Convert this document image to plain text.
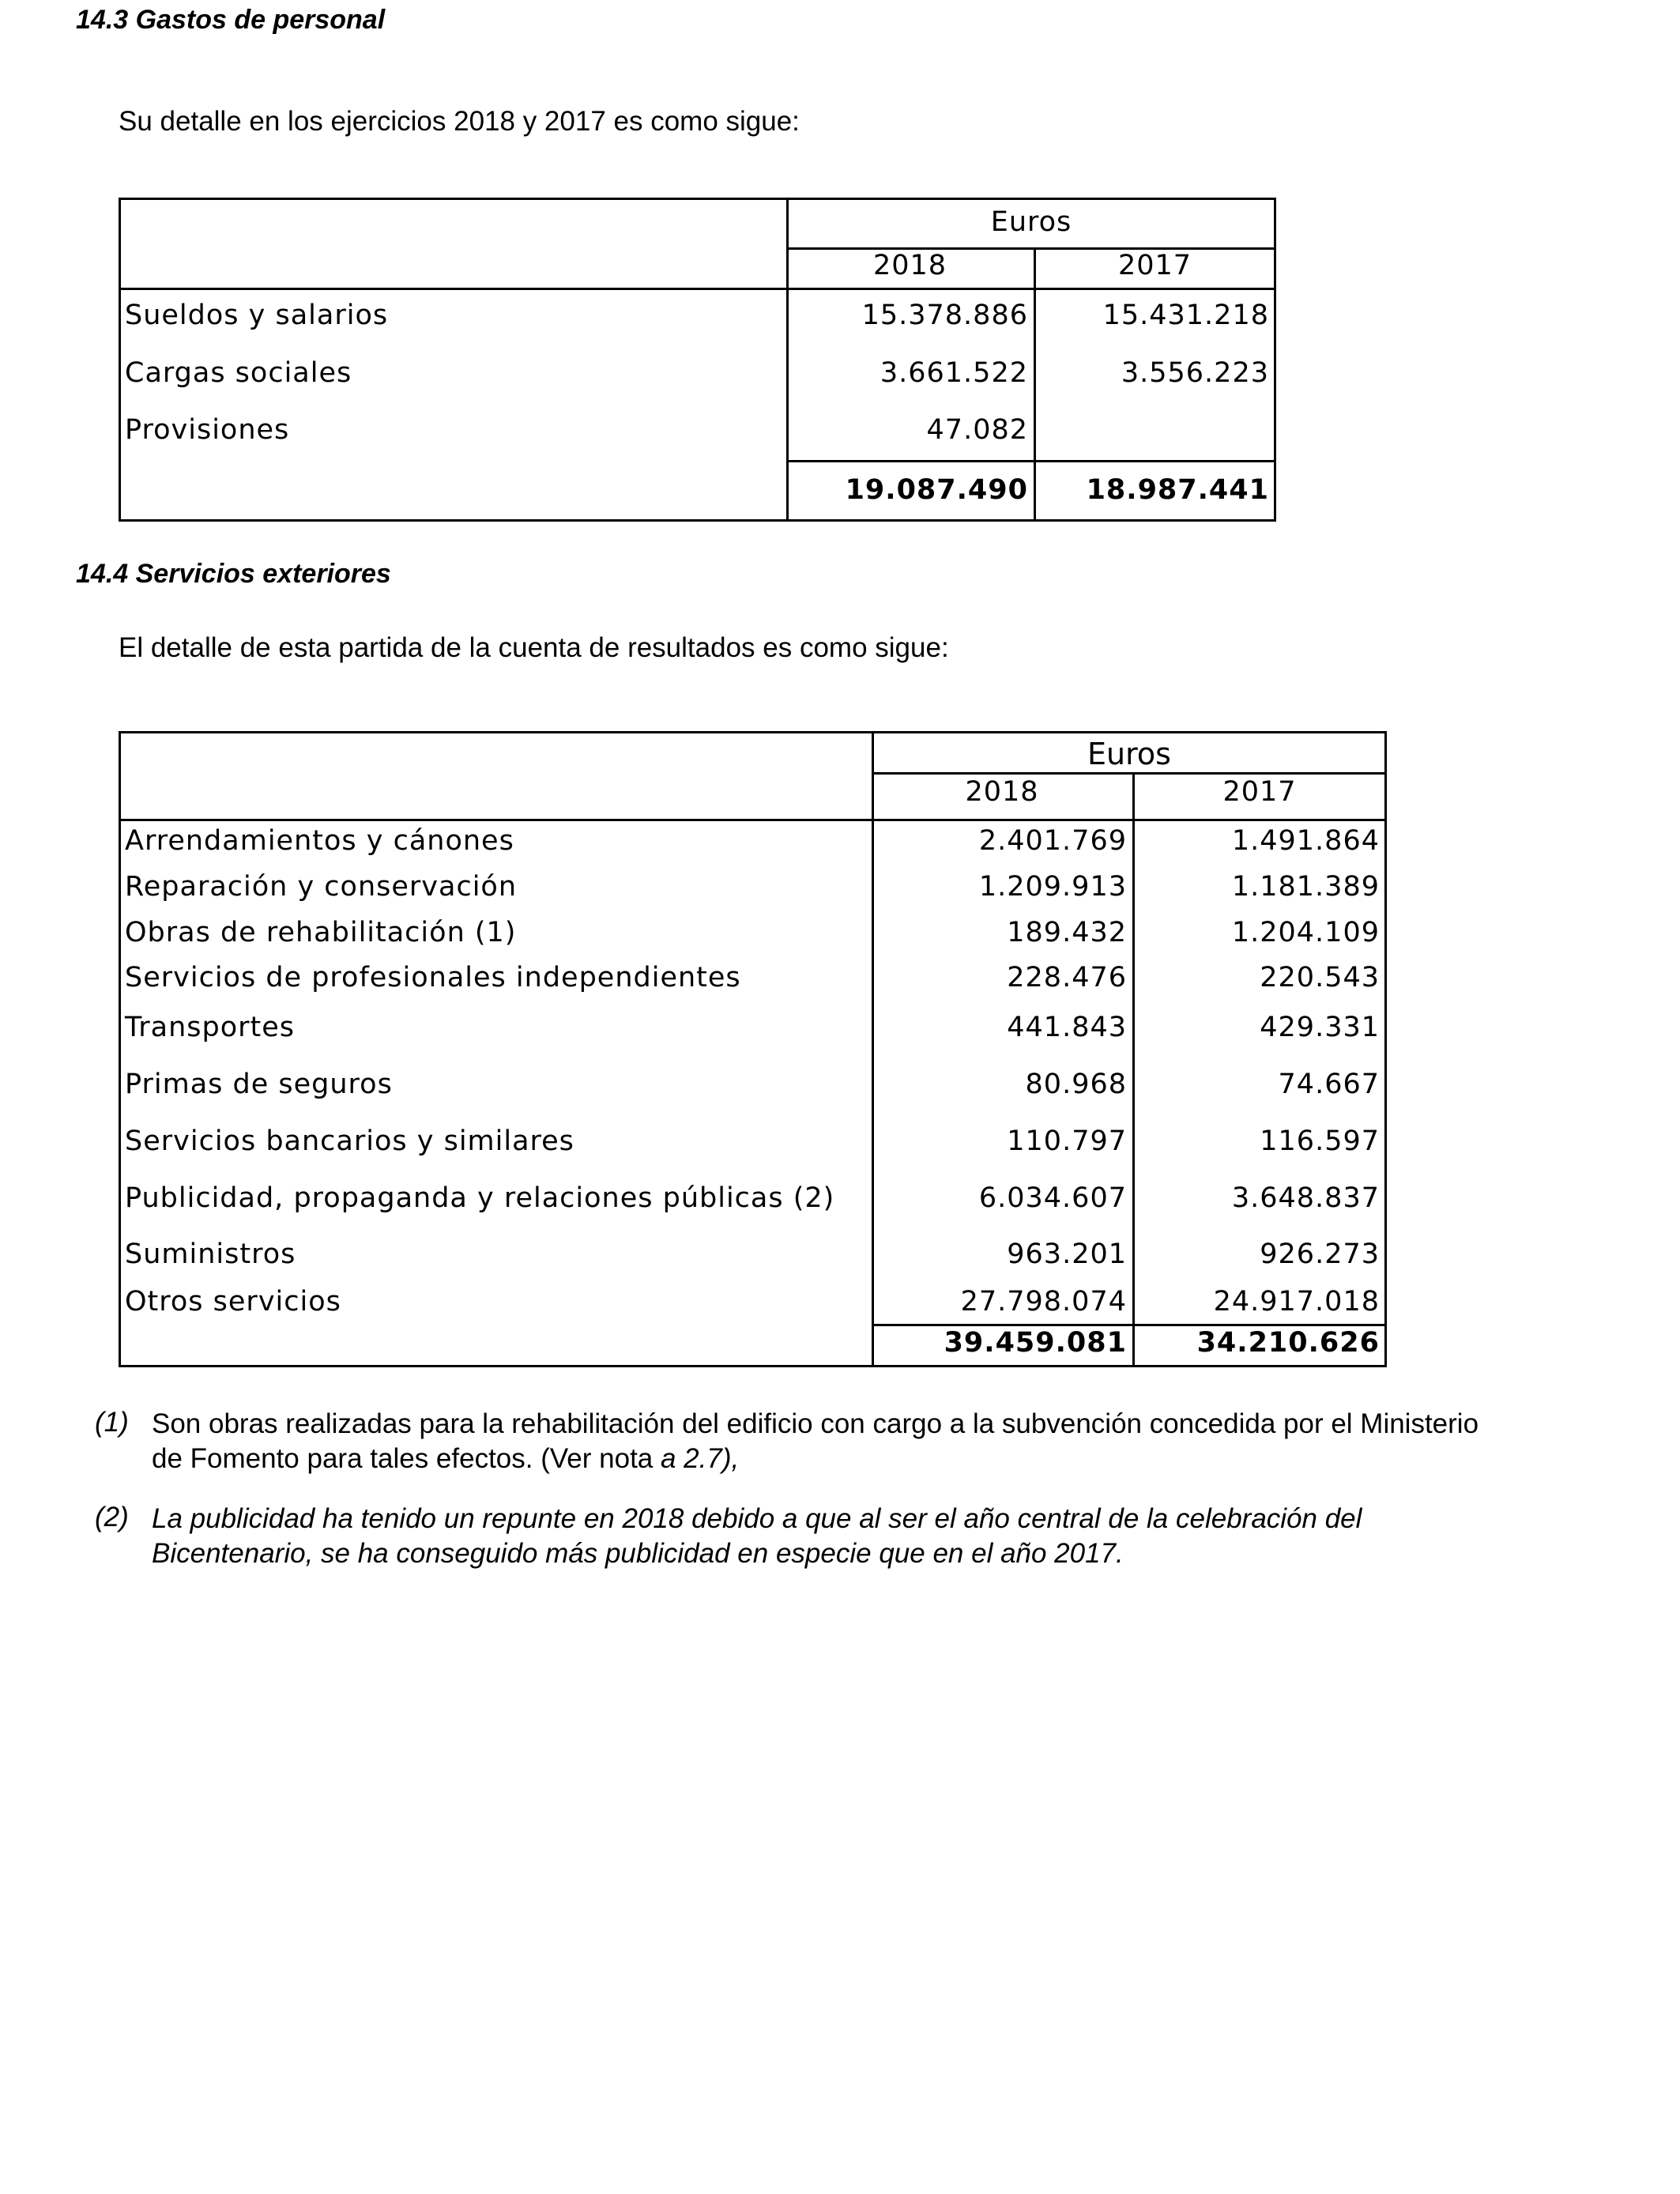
14.3 Gastos de personal
Su detalle en los ejercicios 2018 y 2017 es como sigue:
Euros
2018	2017
Sueldos y salarios	15.378.886	15.431.218
Cargas sociales	3.661.522	3.556.223
Provisiones	47.082
19.087.490	18.987.441
14.4 Servicios exteriores
El detalle de esta partida de la cuenta de resultados es como sigue:
Euros
2018	2017
Arrendamientos y cánones	2.401.769	1.491.864
Reparación y conservación	1.209.913	1.181.389
Obras de rehabilitación (1)	189.432	1.204.109
Servicios de profesionales independientes	228.476	220.543
Transportes	441.843	429.331
Primas de seguros	80.968	74.667
Servicios bancarios y similares	110.797	116.597
Publicidad, propaganda y relaciones públicas (2)	6.034.607	3.648.837
Suministros	963.201	926.273
Otros servicios	27.798.074	24.917.018
39.459.081	34.210.626
(1) Son obras realizadas para la rehabilitación del edificio con cargo a la subvención concedida por el Ministerio
de Fomento para tales efectos. (Ver nota a 2.7),
(2) La publicidad ha tenido un repunte en 2018 debido a que al ser el año central de la celebración del
Bicentenario, se ha conseguido más publicidad en especie que en el año 2017.
